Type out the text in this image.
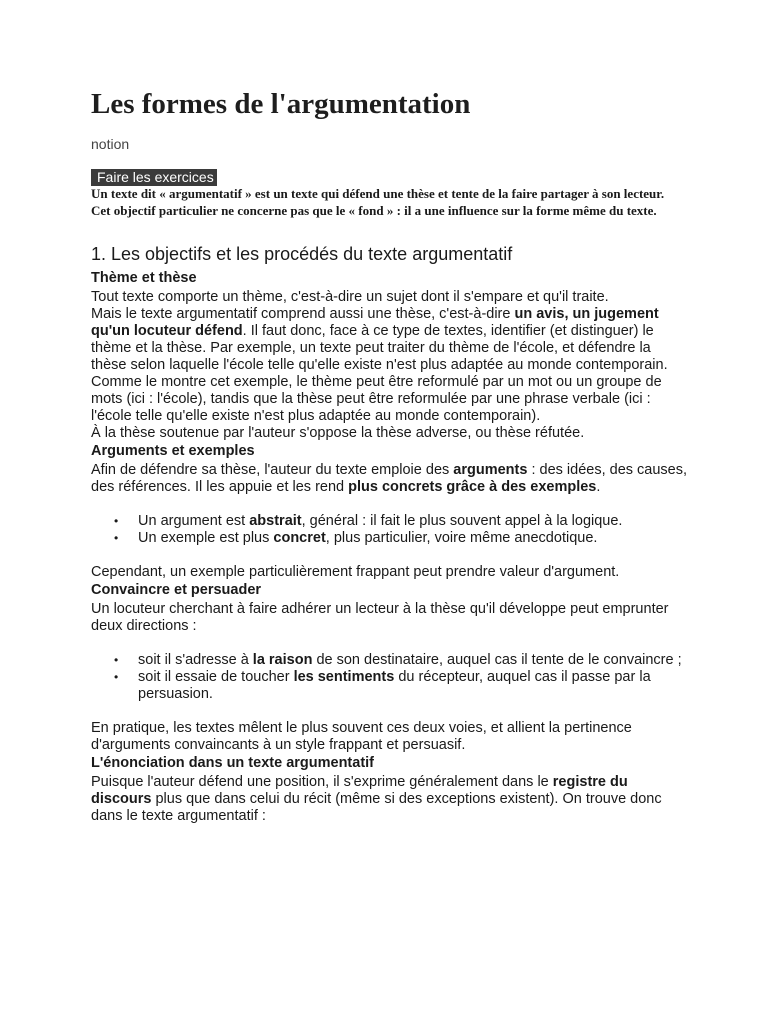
Les formes de l'argumentation
notion
Faire les exercices

Un texte dit « argumentatif » est un texte qui défend une thèse et tente de la faire partager à son lecteur. Cet objectif particulier ne concerne pas que le « fond » : il a une influence sur la forme même du texte.

1. Les objectifs et les procédés du texte argumentatif
Thème et thèse

Tout texte comporte un thème, c'est-à-dire un sujet dont il s'empare et qu'il traite.

Mais le texte argumentatif comprend aussi une thèse, c'est-à-dire un avis, un jugement qu'un locuteur défend. Il faut donc, face à ce type de textes, identifier (et distinguer) le thème et la thèse. Par exemple, un texte peut traiter du thème de l'école, et défendre la thèse selon laquelle l'école telle qu'elle existe n'est plus adaptée au monde contemporain.

Comme le montre cet exemple, le thème peut être reformulé par un mot ou un groupe de mots (ici : l'école), tandis que la thèse peut être reformulée par une phrase verbale (ici : l'école telle qu'elle existe n'est plus adaptée au monde contemporain).

À la thèse soutenue par l'auteur s'oppose la thèse adverse, ou thèse réfutée.

Arguments et exemples

Afin de défendre sa thèse, l'auteur du texte emploie des arguments : des idées, des causes, des références. Il les appuie et les rend plus concrets grâce à des exemples.

• Un argument est abstrait, général : il fait le plus souvent appel à la logique.
• Un exemple est plus concret, plus particulier, voire même anecdotique.

Cependant, un exemple particulièrement frappant peut prendre valeur d'argument.

Convaincre et persuader

Un locuteur cherchant à faire adhérer un lecteur à la thèse qu'il développe peut emprunter deux directions :

• soit il s'adresse à la raison de son destinataire, auquel cas il tente de le convaincre ;
• soit il essaie de toucher les sentiments du récepteur, auquel cas il passe par la persuasion.

En pratique, les textes mêlent le plus souvent ces deux voies, et allient la pertinence d'arguments convaincants à un style frappant et persuasif.

L'énonciation dans un texte argumentatif

Puisque l'auteur défend une position, il s'exprime généralement dans le registre du discours plus que dans celui du récit (même si des exceptions existent). On trouve donc dans le texte argumentatif :
